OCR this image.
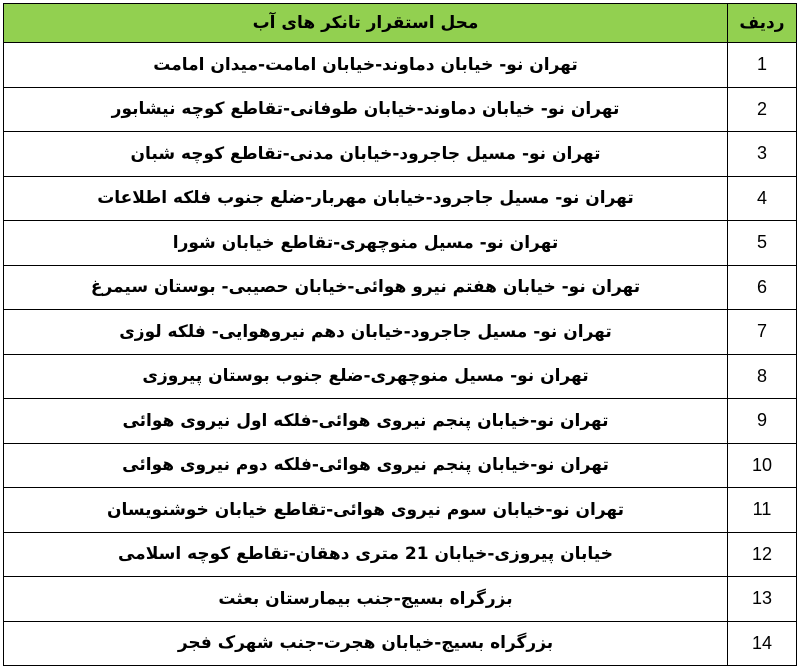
ردیف	محل استقرار تانکر های آب
1	تهران نو- خیابان دماوند-خیابان امامت-میدان امامت
2	تهران نو- خیابان دماوند-خیابان طوفانی-تقاطع کوچه نیشابور
3	تهران نو- مسیل جاجرود-خیابان مدنی-تقاطع کوچه شبان
4	تهران نو- مسیل جاجرود-خیابان مهربار-ضلع جنوب فلکه اطلاعات
5	تهران نو- مسیل منوچهری-تقاطع خیابان شورا
6	تهران نو- خیابان هفتم نیرو هوائی-خیابان حصیبی- بوستان سیمرغ
7	تهران نو- مسیل جاجرود-خیابان دهم نیروهوایی- فلکه لوزی
8	تهران نو- مسیل منوچهری-ضلع جنوب بوستان پیروزی
9	تهران نو-خیابان پنجم نیروی هوائی-فلکه اول نیروی هوائی
10	تهران نو-خیابان پنجم نیروی هوائی-فلکه دوم نیروی هوائی
11	تهران نو-خیابان سوم نیروی هوائی-تقاطع خیابان خوشنویسان
12	خیابان پیروزی-خیابان 21 متری دهقان-تقاطع کوچه اسلامی
13	بزرگراه بسیج-جنب بیمارستان بعثت
14	بزرگراه بسیج-خیابان هجرت-جنب شهرک فجر
